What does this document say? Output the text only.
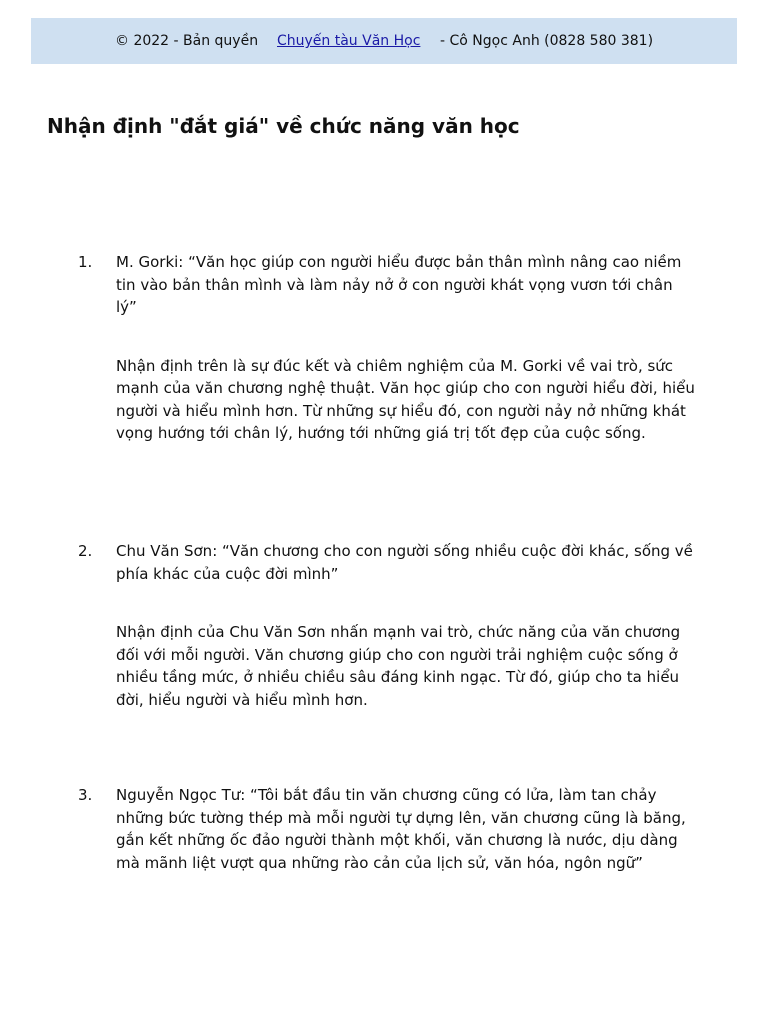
© 2022 - Bản quyền Chuyến tàu Văn Học - Cô Ngọc Anh (0828 580 381)
Nhận định "đắt giá" về chức năng văn học
1. M. Gorki: “Văn học giúp con người hiểu được bản thân mình nâng cao niềm tin vào bản thân mình và làm nảy nở ở con người khát vọng vươn tới chân lý”

Nhận định trên là sự đúc kết và chiêm nghiệm của M. Gorki về vai trò, sức mạnh của văn chương nghệ thuật. Văn học giúp cho con người hiểu đời, hiểu người và hiểu mình hơn. Từ những sự hiểu đó, con người nảy nở những khát vọng hướng tới chân lý, hướng tới những giá trị tốt đẹp của cuộc sống.

2. Chu Văn Sơn: “Văn chương cho con người sống nhiều cuộc đời khác, sống về phía khác của cuộc đời mình”

Nhận định của Chu Văn Sơn nhấn mạnh vai trò, chức năng của văn chương đối với mỗi người. Văn chương giúp cho con người trải nghiệm cuộc sống ở nhiều tầng mức, ở nhiều chiều sâu đáng kinh ngạc. Từ đó, giúp cho ta hiểu đời, hiểu người và hiểu mình hơn.

3. Nguyễn Ngọc Tư: “Tôi bắt đầu tin văn chương cũng có lửa, làm tan chảy những bức tường thép mà mỗi người tự dựng lên, văn chương cũng là băng, gắn kết những ốc đảo người thành một khối, văn chương là nước, dịu dàng mà mãnh liệt vượt qua những rào cản của lịch sử, văn hóa, ngôn ngữ”
